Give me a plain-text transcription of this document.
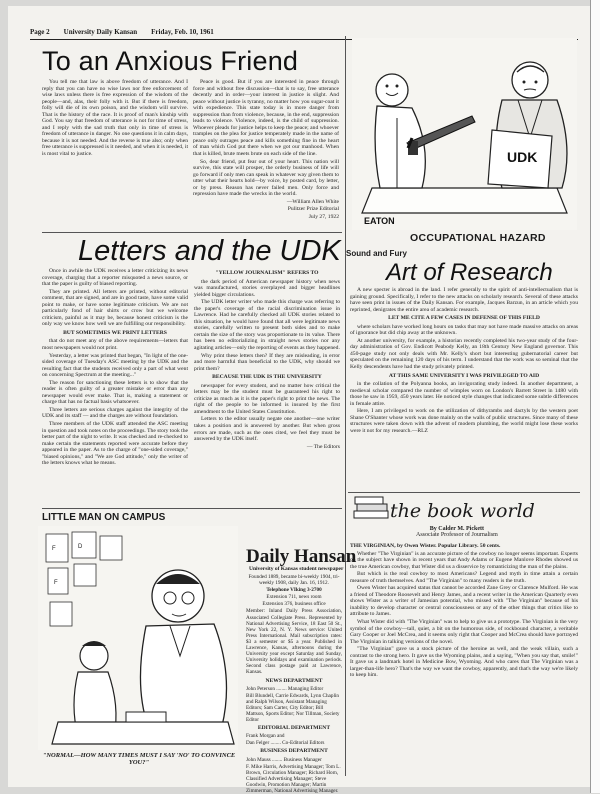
Page 2 University Daily Kansan Friday, Feb. 10, 1961
To an Anxious Friend

You tell me that law is above freedom of utterance. And I reply that you can have no wise laws nor free enforcement of wise laws unless there is free expression of the wisdom of the people—and, alas, their folly with it. But if there is freedom, folly will die of its own poison, and the wisdom will survive. That is the history of the race. It is proof of man's kinship with God. You say that freedom of utterance is not for time of stress, and I reply with the sad truth that only in time of stress is freedom of utterance in danger. No one questions it in calm days, because it is not needed. And the reverse is true also; only when free utterance is suppressed is it needed, and when it is needed, it is most vital to justice.

Peace is good. But if you are interested in peace through force and without free discussion—that is to say, free utterance decently and in order—your interest in justice is slight. And peace without justice is tyranny, no matter how you sugar-coat it with expedience. This state today is in more danger from suppression than from violence, because, in the end, suppression leads to violence. Violence, indeed, is the child of suppression. Whoever pleads for justice helps to keep the peace; and whoever tramples on the plea for justice temperately made in the name of peace only outrages peace and kills something fine in the heart of man which God put there when we got our manhood. When that is killed, brute meets brute on each side of the line.

So, dear friend, put fear out of your heart. This nation will survive, this state will prosper, the orderly business of life will go forward if only men can speak in whatever way given them to utter what their hearts hold—by voice, by posted card, by letter, or by press. Reason has never failed men. Only force and repression have made the wrecks in the world.

—William Allen White

Pulitzer Prize Editorial

July 27, 1922

UDK
EATON
OCCUPATIONAL HAZARD
Letters and the UDK

Once in awhile the UDK receives a letter criticizing its news coverage, charging that a reporter misquoted a news source, or that the paper is guilty of biased reporting.

They are printed. All letters are printed, without editorial comment, that are signed, and are in good taste, have some valid point to make, or have some legitimate criticism. We are not particularly fond of hair shirts or crow but we welcome criticism, painful as it may be, because honest criticism is the only way we know how well we are fulfilling our responsibility.

BUT SOMETIMES WE PRINT LETTERS

that do not meet any of the above requirements—letters that most newspapers would not print.

Yesterday, a letter was printed that began, "In light of the one-sided coverage of Tuesday's ASC meeting by the UDK and the resulting fact that the students received only a part of what went on concerning Spectrum at the meeting..."

The reason for sanctioning these letters is to show that the reader is often guilty of a greater mistake or error than any newspaper would ever make. That is, making a statement or charge that has no factual basis whatsoever.

Three letters are serious charges against the integrity of the UDK and its staff — and the charges are without foundation.

Three members of the UDK staff attended the ASC meeting in question and took notes on the proceedings. The story took the better part of the night to write. It was checked and re-checked to make certain the statements reported were accurate before they appeared in the paper. As to the charge of "one-sided coverage," "biased opinions," and "We are God attitude," only the writer of the letters knows what he means.

"YELLOW JOURNALISM" REFERS TO

the dark period of American newspaper history when news was manufactured, stories overplayed and bigger headlines yielded bigger circulations.

The UDK letter writer who made this charge was referring to the paper's coverage of the racial discrimination issue in Lawrence. Had he carefully checked all UDK stories related to this situation, he would have found that all were legitimate news stories, carefully written to present both sides and to make certain the size of the story was proportionate to its value. There has been no editorializing in straight news stories nor any agitating articles—only the reporting of events as they happened.

Why print these letters then? If they are misleading, in error and more harmful than beneficial to the UDK, why should we print them?

BECAUSE THE UDK IS THE UNIVERSITY

newspaper for every student, and no matter how critical the letters may be the student must be guaranteed his right to criticize as much as it is the paper's right to print the news. The right of the people to be informed is insured by the first amendment to the United States Constitution.

Letters to the editor usually negate one another—one writer takes a position and is answered by another. But when gross errors are made, such as the ones cited, we feel they must be answered by the UDK itself.

— The Editors

Sound and Fury
Art of Research

A new specter is abroad in the land. I refer generally to the spirit of anti-intellectualism that is gaining ground. Specifically, I refer to the new attacks on scholarly research. Several of these attacks have seen print in issues of the Daily Kansan. For example, Jacques Barzun, in an article which you reprinted, denigrates the entire area of academic research.

LET ME CITE A FEW CASES IN DEFENSE OF THIS FIELD

where scholars have worked long hours on tasks that may not have made massive attacks on areas of ignorance but did chip away at the unknown.

At another university, for example, a historian recently completed his two-year study of the four-day administration of Gov. Endicott Peabody Kelly, an 18th Century New England governor. This 450-page study not only deals with Mr. Kelly's short but interesting gubernatorial career but speculated on the remaining 120 days of his term. I understand that the work was so seminal that the Kelly descendents have had the study privately printed.

AT THIS SAME UNIVERSITY I WAS PRIVILEGED TO AID

in the collation of the Polyanna books, an invigorating study indeed. In another department, a medieval scholar compared the number of wimples worn on London's Barrett Street in 1480 with those he saw in 1959, 450 years later. He noticed style changes that indicated some subtle differences in female attire.

Here, I am privileged to work on the utilization of dithyrambs and dactyls by the western poet Shane O'Shanter whose work was done mainly on the walls of public structures. Since many of these structures were taken down with the advent of modern plumbing, the world might lose these works were it not for my research.—RLZ

the book world
By Calder M. Pickett
Associate Professor of Journalism

THE VIRGINIAN, by Owen Wister. Popular Library. 50 cents.

Whether "The Virginian" is an accurate picture of the cowboy no longer seems important. Experts on the subject have shown in recent years that Andy Adams or Eugene Manlove Rhodes showed us the true American cowboy, that Wister did us a disservice by romanticizing the man of the plains.

But which is the real cowboy to most Americans? Legend and myth in time attain a certain measure of truth themselves. And "The Virginian" to many readers is the truth.

Owen Wister has acquired status that cannot be accorded Zane Grey or Clarence Mulford. He was a friend of Theodore Roosevelt and Henry James, and a recent writer in the American Quarterly even shows Wister as a writer of Jamesian potential, who missed with "The Virginian" because of his inability to develop character or central consciousness or any of the other things that critics like to attribute to James.

What Wister did with "The Virginian" was to help to give us a prototype. The Virginian is the very symbol of the cowboy—tall, quiet, a bit on the humorous side, of rockbound character, a veritable Gary Cooper or Joel McCrea, and it seems only right that Cooper and McCrea should have portrayed The Virginian in talking versions of the novel.

"The Virginian" gave us a stock picture of the heroine as well, and the weak villain, such a contrast to the strong hero. It gave us the Wyoming plains, and a saying, "When you say that, smile!" It gave us a landmark hotel in Medicine Bow, Wyoming. And who cares that The Virginian was a larger-than-life hero? That's the way we want the cowboy, apparently, and that's the way we're likely to keep him.

LITTLE MAN ON CAMPUS
F	D
F
"NORMAL—HOW MANY TIMES MUST I SAY 'NO' TO CONVINCE YOU?"
Daily Hansan
University of Kansas student newspaper

Founded 1889, became bi-weekly 1904, tri-weekly 1908, daily Jan. 16, 1912.

Telephone VIking 3-2700

Extension 711, news room

Extension 376, business office

Member: Inland Daily Press Association, Associated Collegiate Press. Represented by National Advertising Service, 18 East 50 St., New York 22, N. Y. News service: United Press International. Mail subscription rates: $3 a semester or $5 a year. Published in Lawrence, Kansas, afternoons during the University year except Saturday and Sunday, University holidays and examination periods. Second class postage paid at Lawrence, Kansas.

NEWS DEPARTMENT

John Peterson ........ Managing Editor

Bill Blundell, Carrie Edwards, Lynn Chaplin and Ralph Wilson, Assistant Managing Editors; Sam Carter, City Editor; Bill Mattson, Sports Editor; Nor Tillman, Society Editor

EDITORIAL DEPARTMENT

Frank Morgan and

Dan Felger ........ Co-Editorial Editors

BUSINESS DEPARTMENT

John Mauss ........ Business Manager

F. Mike Harris, Advertising Manager; Tom L. Brown, Circulation Manager; Richard Horn, Classified Advertising Manager; Steve Goodwin, Promotion Manager; Martin Zimmerman, National Advertising Manager.
